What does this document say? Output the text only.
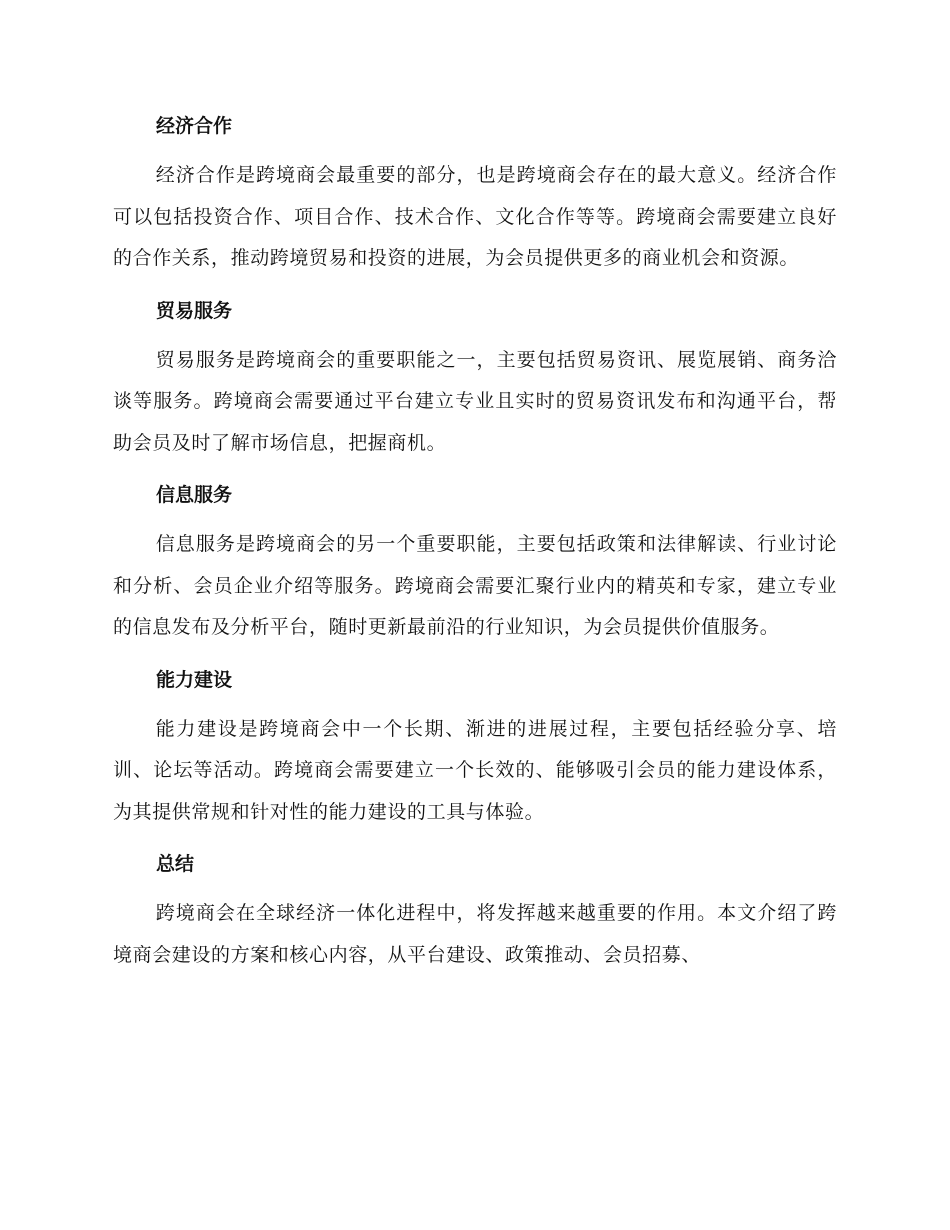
经济合作

经济合作是跨境商会最重要的部分，也是跨境商会存在的最大意义。经济合作可以包括投资合作、项目合作、技术合作、文化合作等等。跨境商会需要建立良好的合作关系，推动跨境贸易和投资的进展，为会员提供更多的商业机会和资源。

贸易服务

贸易服务是跨境商会的重要职能之一，主要包括贸易资讯、展览展销、商务洽谈等服务。跨境商会需要通过平台建立专业且实时的贸易资讯发布和沟通平台，帮助会员及时了解市场信息，把握商机。

信息服务

信息服务是跨境商会的另一个重要职能，主要包括政策和法律解读、行业讨论和分析、会员企业介绍等服务。跨境商会需要汇聚行业内的精英和专家，建立专业的信息发布及分析平台，随时更新最前沿的行业知识，为会员提供价值服务。

能力建设

能力建设是跨境商会中一个长期、渐进的进展过程，主要包括经验分享、培训、论坛等活动。跨境商会需要建立一个长效的、能够吸引会员的能力建设体系，为其提供常规和针对性的能力建设的工具与体验。

总结

跨境商会在全球经济一体化进程中，将发挥越来越重要的作用。本文介绍了跨境商会建设的方案和核心内容，从平台建设、政策推动、会员招募、
